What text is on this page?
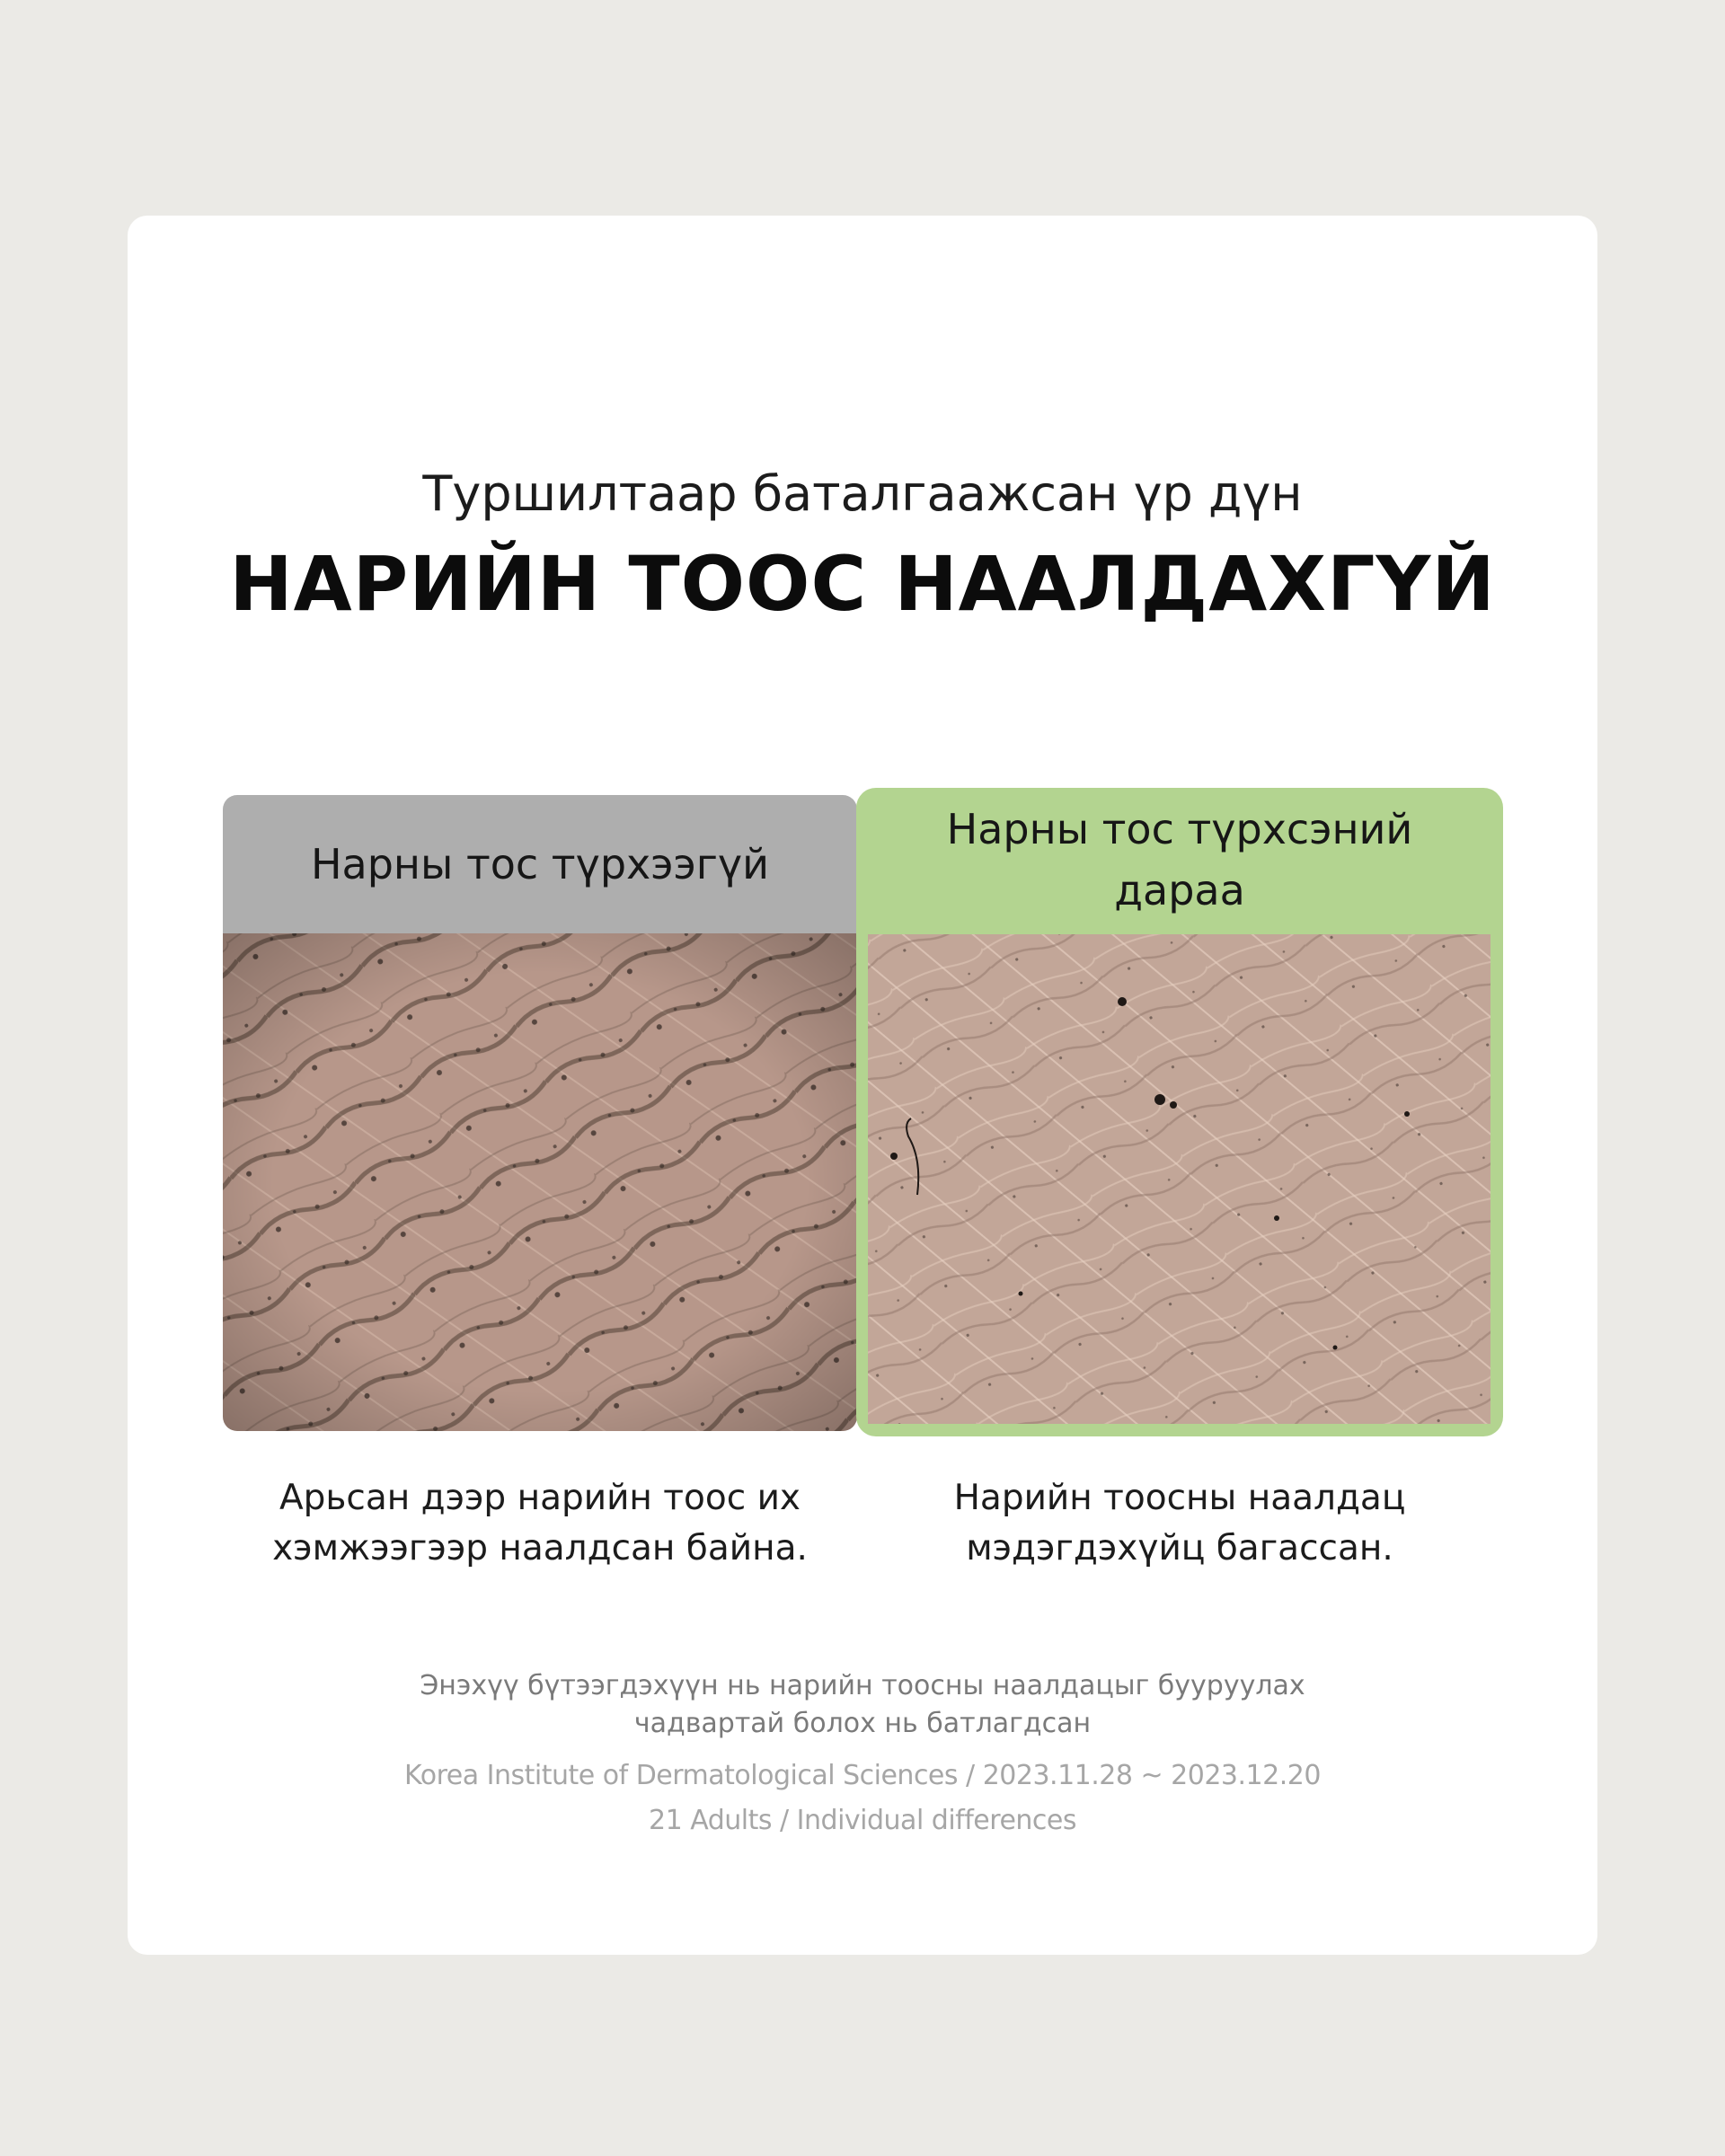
Туршилтаар баталгаажсан үр дүн
НАРИЙН ТООС НААЛДАХГҮЙ
Нарны тос түрхээгүй
Нарны тос түрхсэний
дараа
Арьсан дээр нарийн тоос их
хэмжээгээр наалдсан байна.
Нарийн тоосны наалдац
мэдэгдэхүйц багассан.
Энэхүү бүтээгдэхүүн нь нарийн тоосны наалдацыг бууруулах
чадвартай болох нь батлагдсан
Korea Institute of Dermatological Sciences / 2023.11.28 ~ 2023.12.20
21 Adults / Individual differences
